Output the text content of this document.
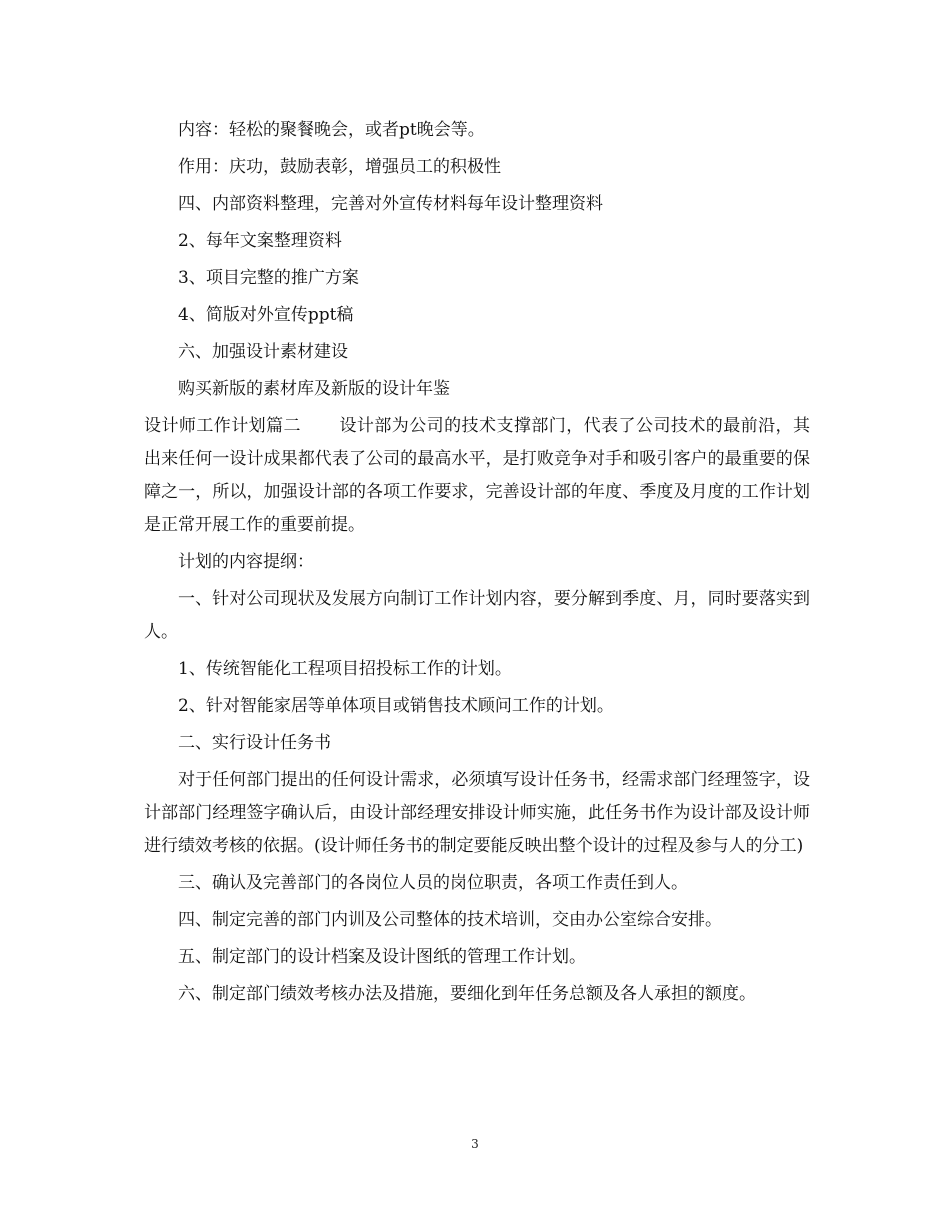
内容：轻松的聚餐晚会，或者pt晚会等。

作用：庆功，鼓励表彰，增强员工的积极性

四、内部资料整理，完善对外宣传材料每年设计整理资料

2、每年文案整理资料

3、项目完整的推广方案

4、简版对外宣传ppt稿

六、加强设计素材建设

购买新版的素材库及新版的设计年鉴

设计师工作计划篇二 设计部为公司的技术支撑部门，代表了公司技术的最前沿，其出来任何一设计成果都代表了公司的最高水平，是打败竞争对手和吸引客户的最重要的保障之一，所以，加强设计部的各项工作要求，完善设计部的年度、季度及月度的工作计划是正常开展工作的重要前提。

计划的内容提纲：

一、针对公司现状及发展方向制订工作计划内容，要分解到季度、月，同时要落实到人。

1、传统智能化工程项目招投标工作的计划。

2、针对智能家居等单体项目或销售技术顾问工作的计划。

二、实行设计任务书

对于任何部门提出的任何设计需求，必须填写设计任务书，经需求部门经理签字，设计部部门经理签字确认后，由设计部经理安排设计师实施，此任务书作为设计部及设计师进行绩效考核的依据。(设计师任务书的制定要能反映出整个设计的过程及参与人的分工)

三、确认及完善部门的各岗位人员的岗位职责，各项工作责任到人。

四、制定完善的部门内训及公司整体的技术培训，交由办公室综合安排。

五、制定部门的设计档案及设计图纸的管理工作计划。

六、制定部门绩效考核办法及措施，要细化到年任务总额及各人承担的额度。

3
